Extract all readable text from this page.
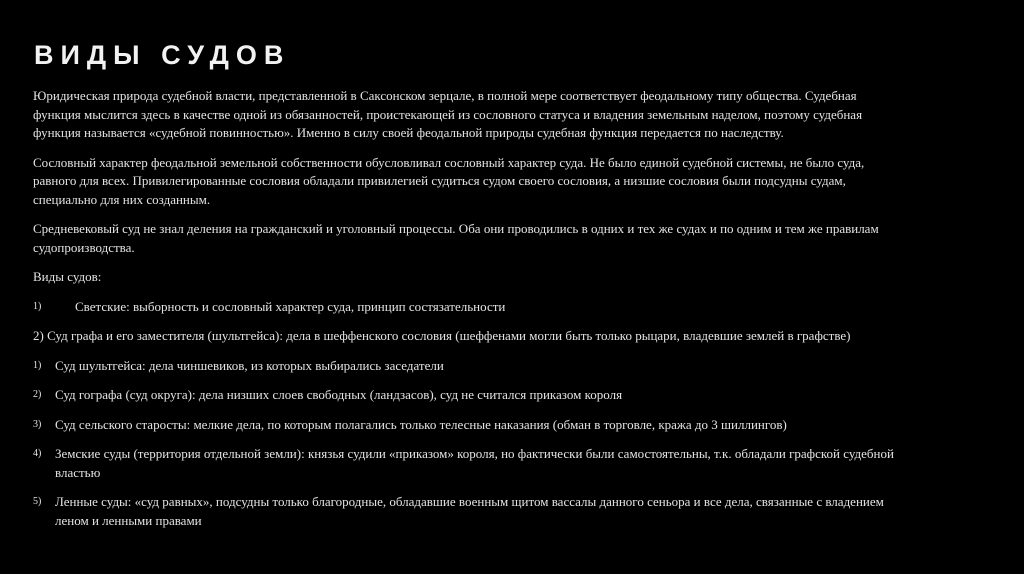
ВИДЫ СУДОВ

Юридическая природа судебной власти, представленной в Саксонском зерцале, в полной мере соответствует феодальному типу общества. Судебная функция мыслится здесь в качестве одной из обязанностей, проистекающей из сословного статуса и владения земельным наделом, поэтому судебная функция называется «судебной повинностью». Именно в силу своей феодальной природы судебная функция передается по наследству.

Сословный характер феодальной земельной собственности обусловливал сословный характер суда. Не было единой судебной системы, не было суда, равного для всех. Привилегированные сословия обладали привилегией судиться судом своего сословия, а низшие сословия были подсудны судам, специально для них созданным.

Средневековый суд не знал деления на гражданский и уголовный процессы. Оба они проводились в одних и тех же судах и по одним и тем же правилам судопроизводства.

Виды судов:

1)	Светские: выборность и сословный характер суда, принцип состязательности

2) Суд графа и его заместителя (шультгейса): дела в шеффенского сословия (шеффенами могли быть только рыцари, владевшие землей в графстве)

1)	Суд шультгейса: дела чиншевиков, из которых выбирались заседатели
2)	Суд гографа (суд округа): дела низших слоев свободных (ландзасов), суд не считался приказом короля
3)	Суд сельского старосты: мелкие дела, по которым полагались только телесные наказания (обман в торговле, кража до 3 шиллингов)
4)	Земские суды (территория отдельной земли): князья судили «приказом» короля, но фактически были самостоятельны, т.к. обладали графской судебной властью
5)	Ленные суды: «суд равных», подсудны только благородные, обладавшие военным щитом вассалы данного сеньора и все дела, связанные с владением леном и ленными правами
